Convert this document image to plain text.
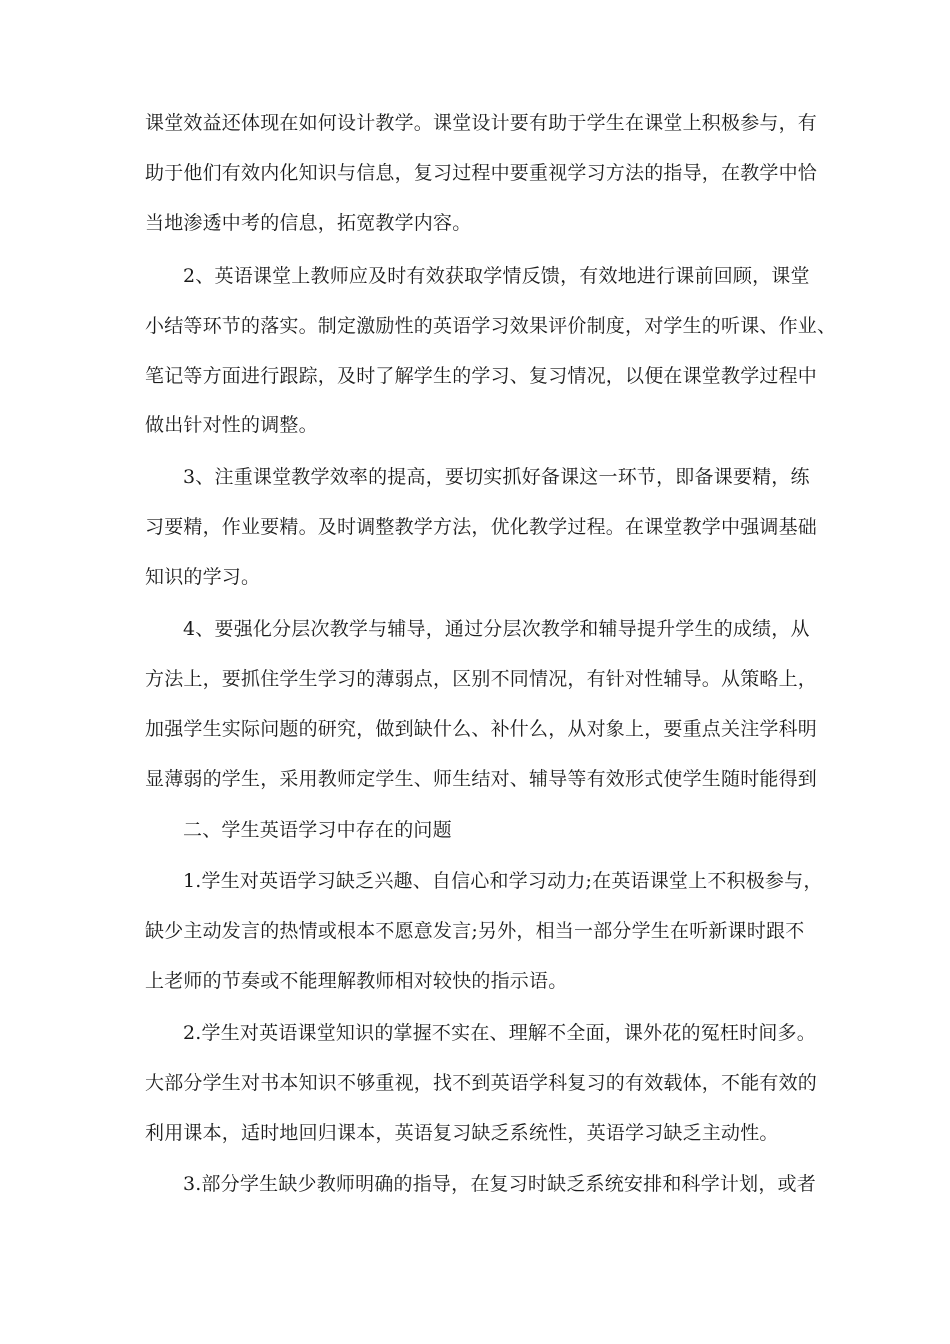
课堂效益还体现在如何设计教学。课堂设计要有助于学生在课堂上积极参与，有
助于他们有效内化知识与信息，复习过程中要重视学习方法的指导，在教学中恰
当地渗透中考的信息，拓宽教学内容。
2、英语课堂上教师应及时有效获取学情反馈，有效地进行课前回顾，课堂
小结等环节的落实。制定激励性的英语学习效果评价制度，对学生的听课、作业、
笔记等方面进行跟踪，及时了解学生的学习、复习情况，以便在课堂教学过程中
做出针对性的调整。
3、注重课堂教学效率的提高，要切实抓好备课这一环节，即备课要精，练
习要精，作业要精。及时调整教学方法，优化教学过程。在课堂教学中强调基础
知识的学习。
4、要强化分层次教学与辅导，通过分层次教学和辅导提升学生的成绩，从
方法上，要抓住学生学习的薄弱点，区别不同情况，有针对性辅导。从策略上，
加强学生实际问题的研究，做到缺什么、补什么，从对象上，要重点关注学科明
显薄弱的学生，采用教师定学生、师生结对、辅导等有效形式使学生随时能得到
二、学生英语学习中存在的问题
1.学生对英语学习缺乏兴趣、自信心和学习动力;在英语课堂上不积极参与，
缺少主动发言的热情或根本不愿意发言;另外，相当一部分学生在听新课时跟不
上老师的节奏或不能理解教师相对较快的指示语。
2.学生对英语课堂知识的掌握不实在、理解不全面，课外花的冤枉时间多。
大部分学生对书本知识不够重视，找不到英语学科复习的有效载体，不能有效的
利用课本，适时地回归课本，英语复习缺乏系统性，英语学习缺乏主动性。
3.部分学生缺少教师明确的指导，在复习时缺乏系统安排和科学计划，或者
